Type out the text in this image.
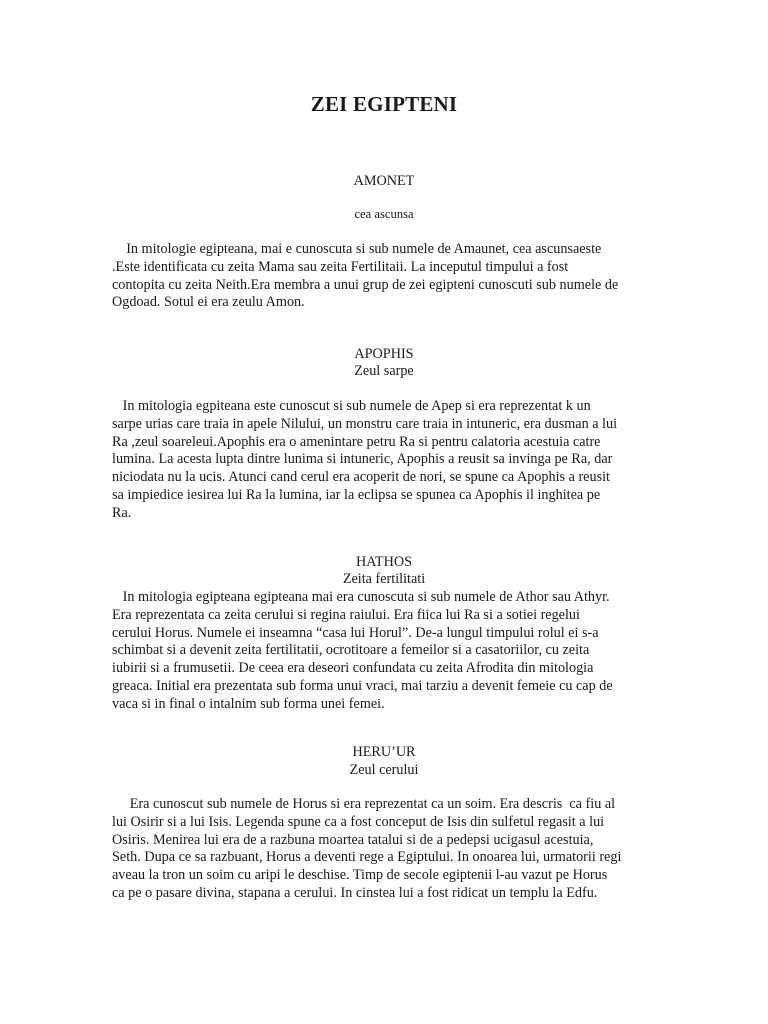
ZEI EGIPTENI
AMONET
cea ascunsa
In mitologie egipteana, mai e cunoscuta si sub numele de Amaunet, cea ascunsaeste
.Este identificata cu zeita Mama sau zeita Fertilitaii. La inceputul timpului a fost
contopita cu zeita Neith.Era membra a unui grup de zei egipteni cunoscuti sub numele de
Ogdoad. Sotul ei era zeulu Amon.
APOPHIS
Zeul sarpe
In mitologia egpiteana este cunoscut si sub numele de Apep si era reprezentat k un
sarpe urias care traia in apele Nilului, un monstru care traia in intuneric, era dusman a lui
Ra ,zeul soareleui.Apophis era o amenintare petru Ra si pentru calatoria acestuia catre
lumina. La acesta lupta dintre lunima si intuneric, Apophis a reusit sa invinga pe Ra, dar
niciodata nu la ucis. Atunci cand cerul era acoperit de nori, se spune ca Apophis a reusit
sa impiedice iesirea lui Ra la lumina, iar la eclipsa se spunea ca Apophis il inghitea pe
Ra.
HATHOS
Zeita fertilitati
In mitologia egipteana egipteana mai era cunoscuta si sub numele de Athor sau Athyr.
Era reprezentata ca zeita cerului si regina raiului. Era fiica lui Ra si a sotiei regelui
cerului Horus. Numele ei inseamna “casa lui Horul”. De-a lungul timpului rolul ei s-a
schimbat si a devenit zeita fertilitatii, ocrotitoare a femeilor si a casatoriilor, cu zeita
iubirii si a frumusetii. De ceea era deseori confundata cu zeita Afrodita din mitologia
greaca. Initial era prezentata sub forma unui vraci, mai tarziu a devenit femeie cu cap de
vaca si in final o intalnim sub forma unei femei.
HERU’UR
Zeul cerului
Era cunoscut sub numele de Horus si era reprezentat ca un soim. Era descris  ca fiu al
lui Osirir si a lui Isis. Legenda spune ca a fost conceput de Isis din sulfetul regasit a lui
Osiris. Menirea lui era de a razbuna moartea tatalui si de a pedepsi ucigasul acestuia,
Seth. Dupa ce sa razbuant, Horus a deventi rege a Egiptului. In onoarea lui, urmatorii regi
aveau la tron un soim cu aripi le deschise. Timp de secole egiptenii l-au vazut pe Horus
ca pe o pasare divina, stapana a cerului. In cinstea lui a fost ridicat un templu la Edfu.
